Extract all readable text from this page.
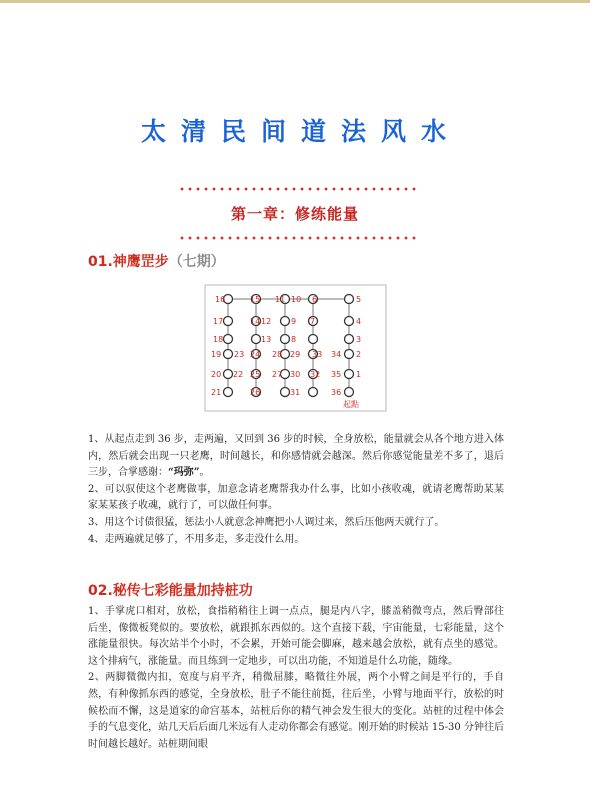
太清民间道法风水
第一章：修练能量
01.神鹰罡步（七期）
16	15 11 10 6	5
17	14 12 9 7	4
18	13 8	3
19 23 24 28 29 33 34 2
20 22 25 27 30 32 35 1
21	26	31	36
起點

1、从起点走到 36 步，走两遍，又回到 36 步的时候，全身放松，能量就会从各个地方进入体内，然后就会出现一只老鹰，时间越长，和你感情就会越深。然后你感觉能量差不多了，退后三步，合掌感谢：“玛弥”。

2、可以驭使这个老鹰做事，加意念请老鹰帮我办什么事，比如小孩收魂，就请老鹰帮助某某家某某孩子收魂，就行了，可以做任何事。

3、用这个讨债很猛，惩法小人就意念神鹰把小人调过来，然后压他两天就行了。

4、走两遍就足够了，不用多走，多走没什么用。

02.秘传七彩能量加持桩功

1、手掌虎口相对，放松，食指稍稍往上调一点点，腿是内八字，膝盖稍微弯点，然后臀部往后坐，像微板凳似的。要放松，就跟抓东西似的。这个直接下载，宇宙能量，七彩能量，这个涨能量很快。每次站半个小时，不会累，开始可能会脚麻，越来越会放松，就有点坐的感觉。这个排病气，涨能量。而且练到一定地步，可以出功能，不知道是什么功能，随缘。

2、两脚微微内扣，宽度与肩平齐，稍微屈膝，略微往外展，两个小臂之间是平行的，手自然，有种像抓东西的感觉，全身放松，肚子不能往前挺，往后坐，小臂与地面平行，放松的时候松而不懈，这是道家的命宫基本，站桩后你的精气神会发生很大的变化。站桩的过程中体会手的气息变化，站几天后后面几米远有人走动你都会有感觉。刚开始的时候站 15-30 分钟往后时间越长越好。站桩期间眼
